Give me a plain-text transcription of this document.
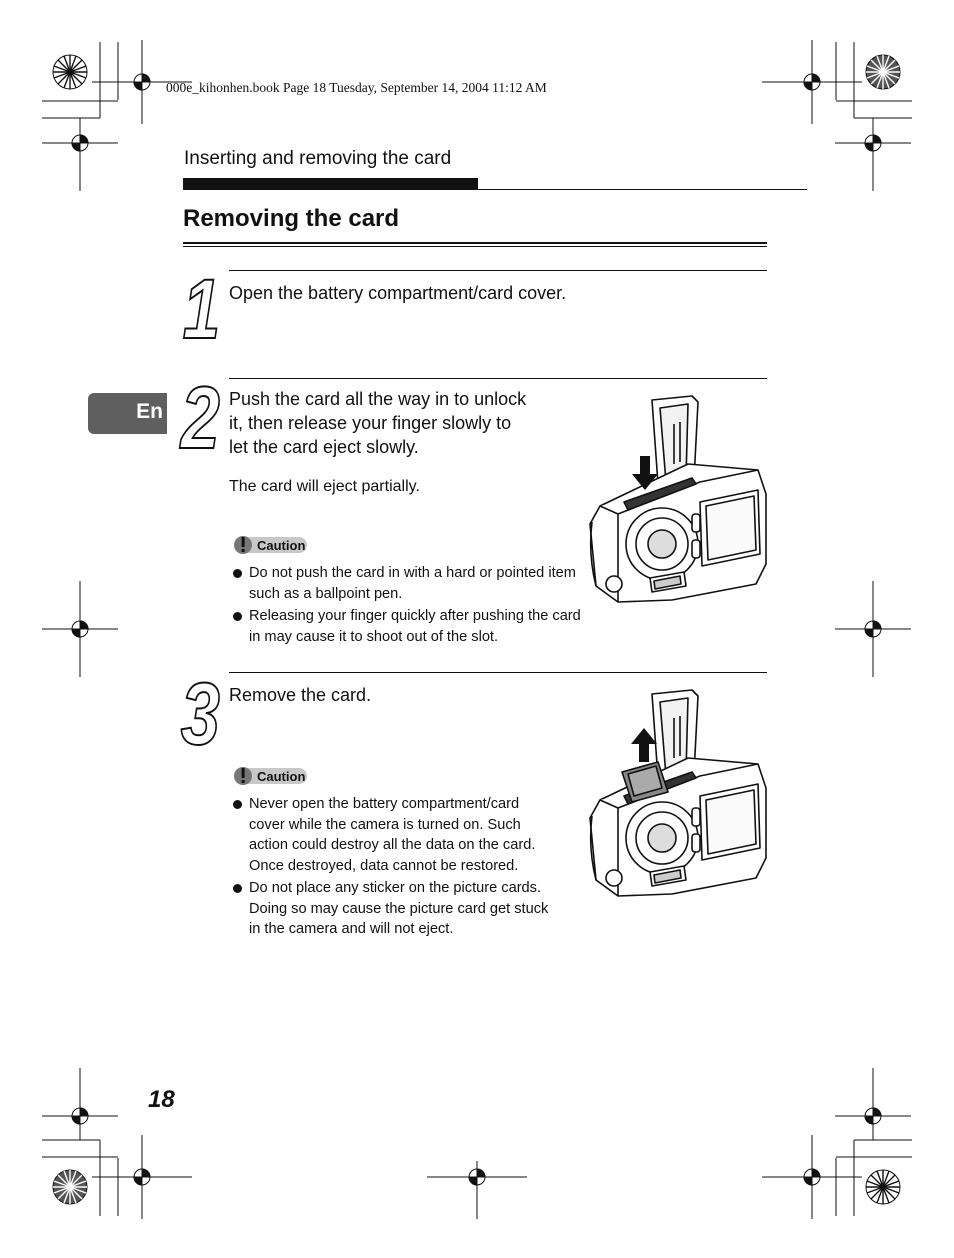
000e_kihonhen.book Page 18 Tuesday, September 14, 2004 11:12 AM
Inserting and removing the card
Removing the card
En
1 Open the battery compartment/card cover.
2 Push the card all the way in to unlock
it, then release your finger slowly to
let the card eject slowly.
The card will eject partially.
Caution
Do not push the card in with a hard or pointed item such as a ballpoint pen.
Releasing your finger quickly after pushing the card in may cause it to shoot out of the slot.
3 Remove the card.
Caution
Never open the battery compartment/card cover while the camera is turned on. Such action could destroy all the data on the card. Once destroyed, data cannot be restored.
Do not place any sticker on the picture cards. Doing so may cause the picture card get stuck in the camera and will not eject.
18
